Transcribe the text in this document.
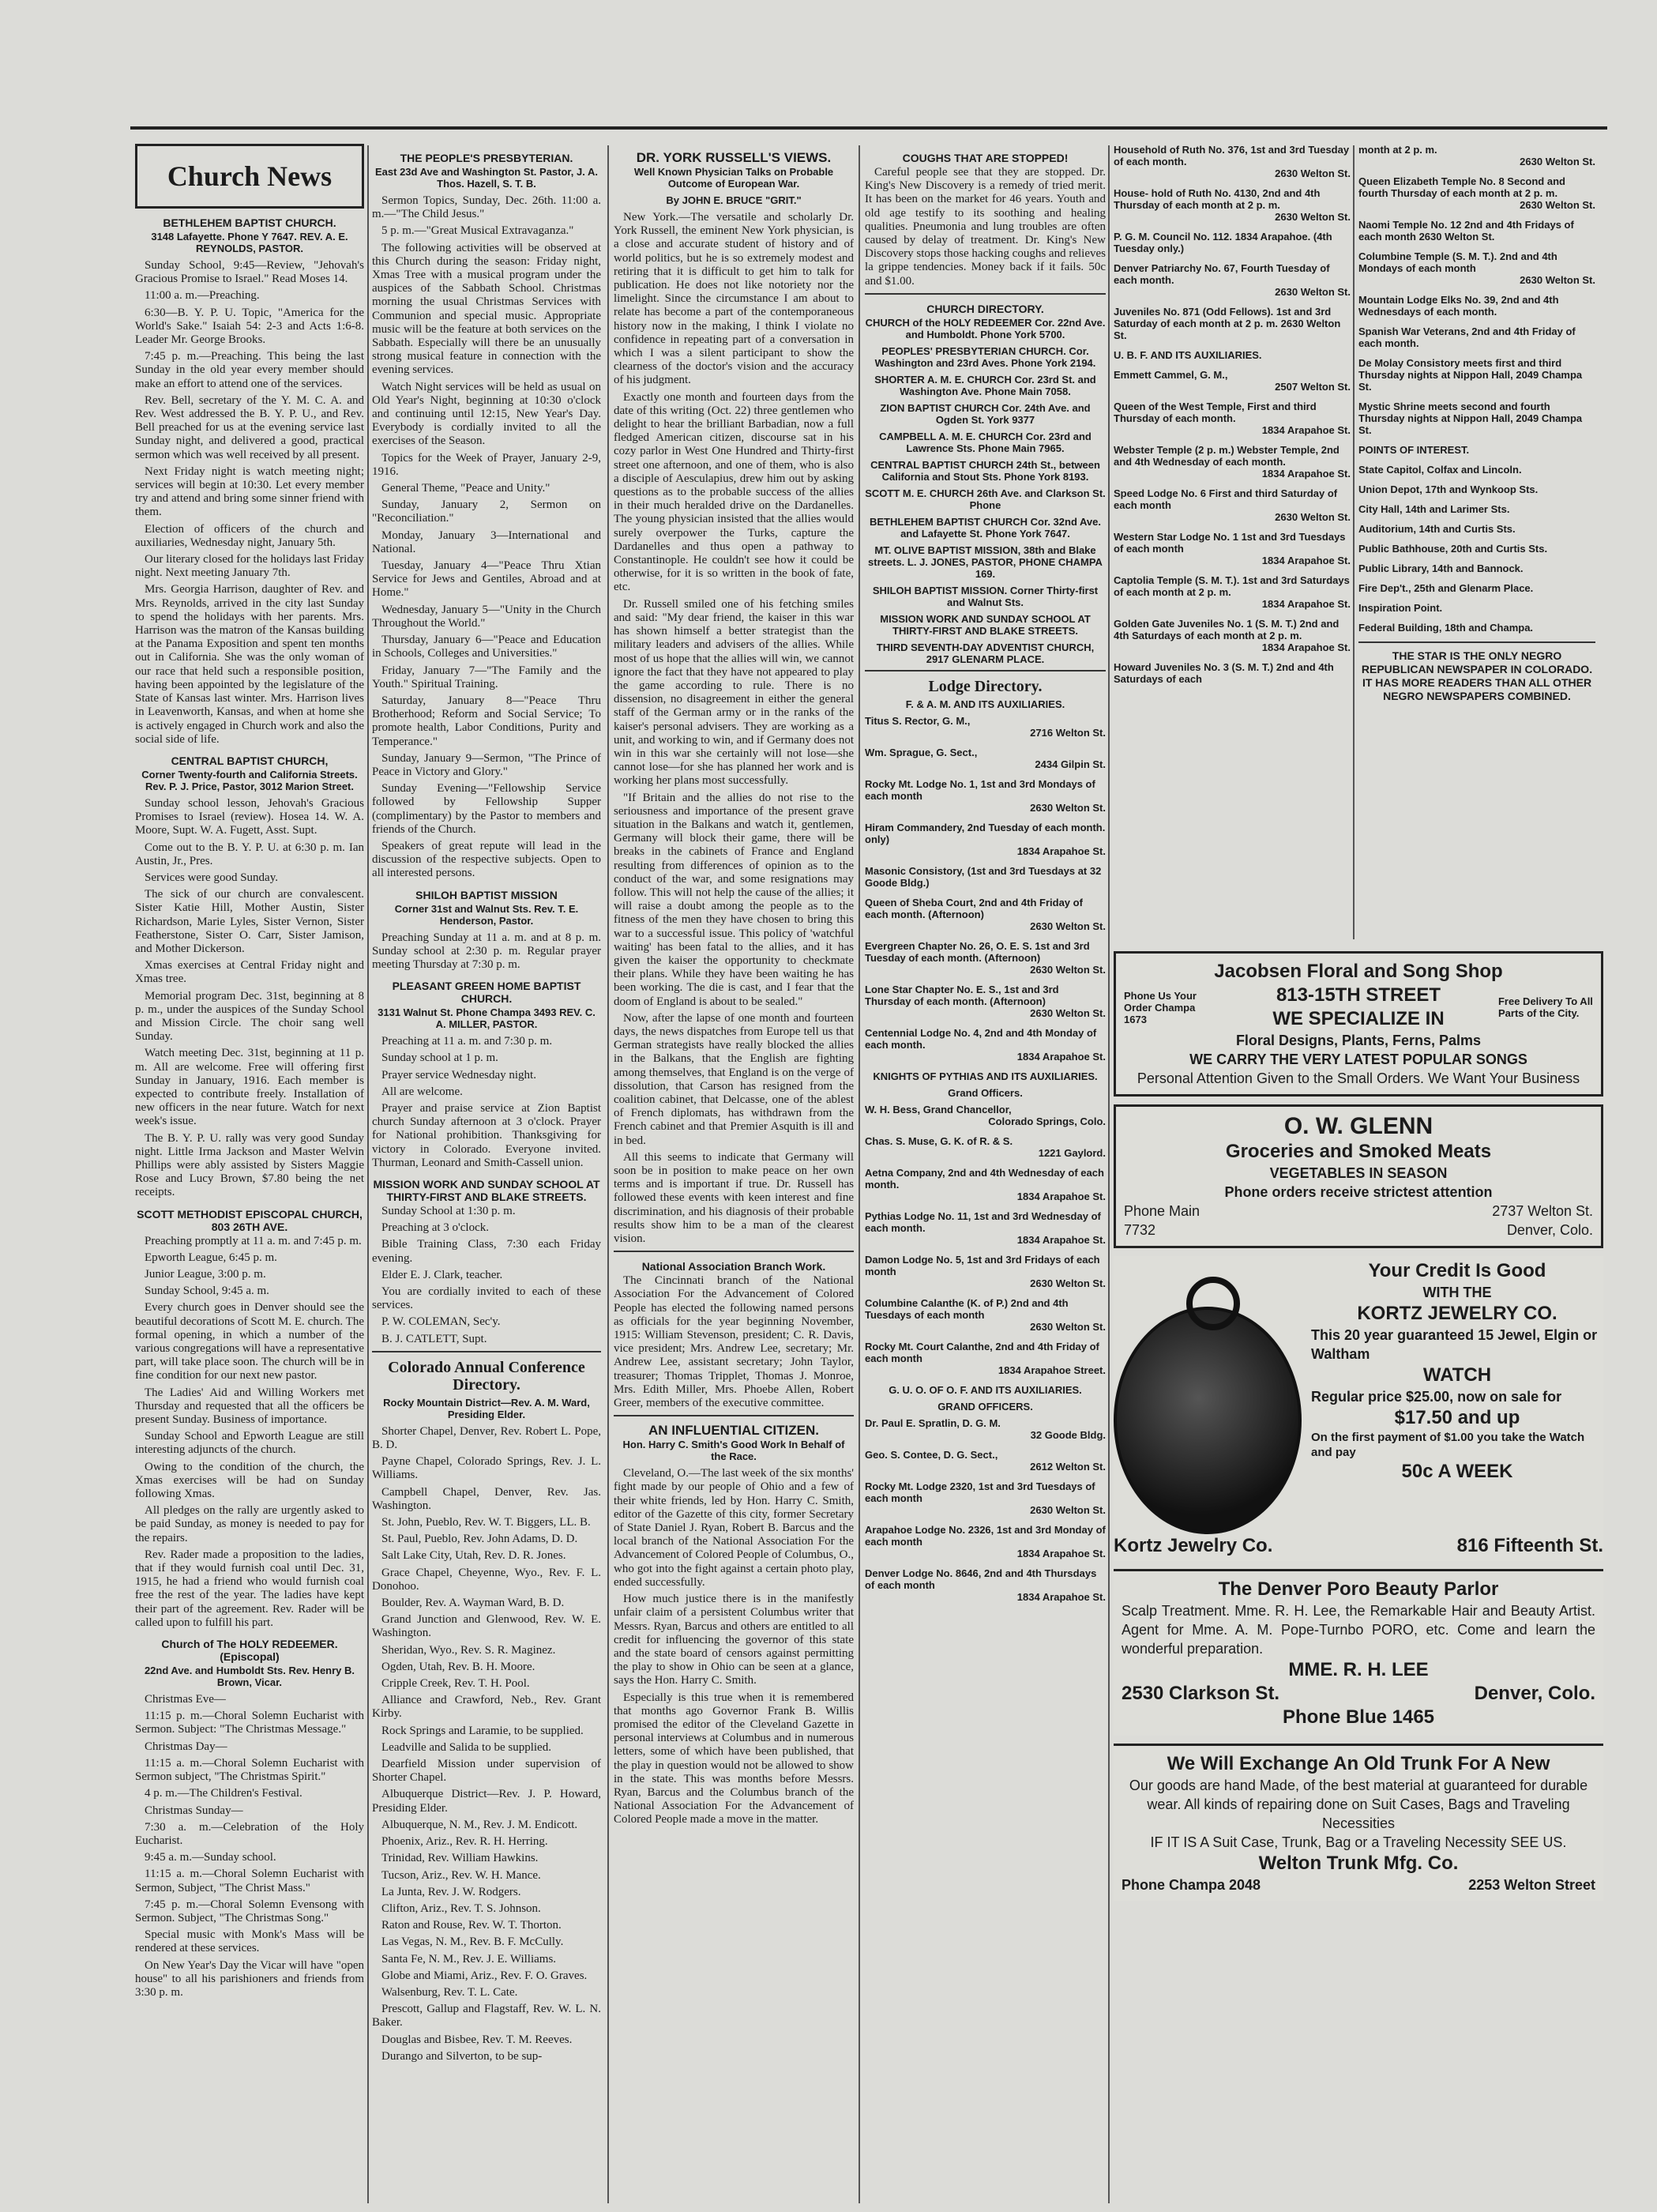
Church News
BETHLEHEM BAPTIST CHURCH.
3148 Lafayette. Phone Y 7647. REV. A. E. REYNOLDS, PASTOR.

Sunday School, 9:45—Review, "Jehovah's Gracious Promise to Israel." Read Moses 14.

11:00 a. m.—Preaching.

6:30—B. Y. P. U. Topic, "America for the World's Sake." Isaiah 54: 2-3 and Acts 1:6-8. Leader Mr. George Brooks.

7:45 p. m.—Preaching. This being the last Sunday in the old year every member should make an effort to attend one of the services.

Rev. Bell, secretary of the Y. M. C. A. and Rev. West addressed the B. Y. P. U., and Rev. Bell preached for us at the evening service last Sunday night, and delivered a good, practical sermon which was well received by all present.

Next Friday night is watch meeting night; services will begin at 10:30. Let every member try and attend and bring some sinner friend with them.

Election of officers of the church and auxiliaries, Wednesday night, January 5th.

Our literary closed for the holidays last Friday night. Next meeting January 7th.

Mrs. Georgia Harrison, daughter of Rev. and Mrs. Reynolds, arrived in the city last Sunday to spend the holidays with her parents. Mrs. Harrison was the matron of the Kansas building at the Panama Exposition and spent ten months out in California. She was the only woman of our race that held such a responsible position, having been appointed by the legislature of the State of Kansas last winter. Mrs. Harrison lives in Leavenworth, Kansas, and when at home she is actively engaged in Church work and also the social side of life.

CENTRAL BAPTIST CHURCH,
Corner Twenty-fourth and California Streets. Rev. P. J. Price, Pastor, 3012 Marion Street.

Sunday school lesson, Jehovah's Gracious Promises to Israel (review). Hosea 14. W. A. Moore, Supt. W. A. Fugett, Asst. Supt.

Come out to the B. Y. P. U. at 6:30 p. m. Ian Austin, Jr., Pres.

Services were good Sunday.

The sick of our church are convalescent. Sister Katie Hill, Mother Austin, Sister Richardson, Marie Lyles, Sister Vernon, Sister Featherstone, Sister O. Carr, Sister Jamison, and Mother Dickerson.

Xmas exercises at Central Friday night and Xmas tree.

Memorial program Dec. 31st, beginning at 8 p. m., under the auspices of the Sunday School and Mission Circle. The choir sang well Sunday.

Watch meeting Dec. 31st, beginning at 11 p. m. All are welcome. Free will offering first Sunday in January, 1916. Each member is expected to contribute freely. Installation of new officers in the near future. Watch for next week's issue.

The B. Y. P. U. rally was very good Sunday night. Little Irma Jackson and Master Welvin Phillips were ably assisted by Sisters Maggie Rose and Lucy Brown, $7.80 being the net receipts.

SCOTT METHODIST EPISCOPAL CHURCH, 803 26TH AVE.

Preaching promptly at 11 a. m. and 7:45 p. m.

Epworth League, 6:45 p. m.

Junior League, 3:00 p. m.

Sunday School, 9:45 a. m.

Every church goes in Denver should see the beautiful decorations of Scott M. E. church. The formal opening, in which a number of the various congregations will have a representative part, will take place soon. The church will be in fine condition for our next new pastor.

The Ladies' Aid and Willing Workers met Thursday and requested that all the officers be present Sunday. Business of importance.

Sunday School and Epworth League are still interesting adjuncts of the church.

Owing to the condition of the church, the Xmas exercises will be had on Sunday following Xmas.

All pledges on the rally are urgently asked to be paid Sunday, as money is needed to pay for the repairs.

Rev. Rader made a proposition to the ladies, that if they would furnish coal until Dec. 31, 1915, he had a friend who would furnish coal free the rest of the year. The ladies have kept their part of the agreement. Rev. Rader will be called upon to fulfill his part.

Church of The HOLY REDEEMER. (Episcopal)
22nd Ave. and Humboldt Sts. Rev. Henry B. Brown, Vicar.

Christmas Eve—

11:15 p. m.—Choral Solemn Eucharist with Sermon. Subject: "The Christmas Message."

Christmas Day—

11:15 a. m.—Choral Solemn Eucharist with Sermon subject, "The Christmas Spirit."

4 p. m.—The Children's Festival.

Christmas Sunday—

7:30 a. m.—Celebration of the Holy Eucharist.

9:45 a. m.—Sunday school.

11:15 a. m.—Choral Solemn Eucharist with Sermon, Subject, "The Christ Mass."

7:45 p. m.—Choral Solemn Evensong with Sermon. Subject, "The Christmas Song."

Special music with Monk's Mass will be rendered at these services.

On New Year's Day the Vicar will have "open house" to all his parishioners and friends from 3:30 p. m.

THE PEOPLE'S PRESBYTERIAN.
East 23d Ave and Washington St. Pastor, J. A. Thos. Hazell, S. T. B.

Sermon Topics, Sunday, Dec. 26th. 11:00 a. m.—"The Child Jesus."

5 p. m.—"Great Musical Extravaganza."

The following activities will be observed at this Church during the season: Friday night, Xmas Tree with a musical program under the auspices of the Sabbath School. Christmas morning the usual Christmas Services with Communion and special music. Appropriate music will be the feature at both services on the Sabbath. Especially will there be an unusually strong musical feature in connection with the evening services.

Watch Night services will be held as usual on Old Year's Night, beginning at 10:30 o'clock and continuing until 12:15, New Year's Day. Everybody is cordially invited to all the exercises of the Season.

Topics for the Week of Prayer, January 2-9, 1916.

General Theme, "Peace and Unity."

Sunday, January 2, Sermon on "Reconciliation."

Monday, January 3—International and National.

Tuesday, January 4—"Peace Thru Xtian Service for Jews and Gentiles, Abroad and at Home."

Wednesday, January 5—"Unity in the Church Throughout the World."

Thursday, January 6—"Peace and Education in Schools, Colleges and Universities."

Friday, January 7—"The Family and the Youth." Spiritual Training.

Saturday, January 8—"Peace Thru Brotherhood; Reform and Social Service; To promote health, Labor Conditions, Purity and Temperance."

Sunday, January 9—Sermon, "The Prince of Peace in Victory and Glory."

Sunday Evening—"Fellowship Service followed by Fellowship Supper (complimentary) by the Pastor to members and friends of the Church.

Speakers of great repute will lead in the discussion of the respective subjects. Open to all interested persons.

SHILOH BAPTIST MISSION
Corner 31st and Walnut Sts. Rev. T. E. Henderson, Pastor.

Preaching Sunday at 11 a. m. and at 8 p. m. Sunday school at 2:30 p. m. Regular prayer meeting Thursday at 7:30 p. m.

PLEASANT GREEN HOME BAPTIST CHURCH.
3131 Walnut St. Phone Champa 3493 REV. C. A. MILLER, PASTOR.

Preaching at 11 a. m. and 7:30 p. m.

Sunday school at 1 p. m.

Prayer service Wednesday night.

All are welcome.

Prayer and praise service at Zion Baptist church Sunday afternoon at 3 o'clock. Prayer for National prohibition. Thanksgiving for victory in Colorado. Everyone invited. Thurman, Leonard and Smith-Cassell union.

MISSION WORK AND SUNDAY SCHOOL AT THIRTY-FIRST AND BLAKE STREETS.

Sunday School at 1:30 p. m.

Preaching at 3 o'clock.

Bible Training Class, 7:30 each Friday evening.

Elder E. J. Clark, teacher.

You are cordially invited to each of these services.

P. W. COLEMAN, Sec'y.

B. J. CATLETT, Supt.

Colorado Annual Conference Directory.
Rocky Mountain District—Rev. A. M. Ward, Presiding Elder.

Shorter Chapel, Denver, Rev. Robert L. Pope, B. D.

Payne Chapel, Colorado Springs, Rev. J. L. Williams.

Campbell Chapel, Denver, Rev. Jas. Washington.

St. John, Pueblo, Rev. W. T. Biggers, LL. B.

St. Paul, Pueblo, Rev. John Adams, D. D.

Salt Lake City, Utah, Rev. D. R. Jones.

Grace Chapel, Cheyenne, Wyo., Rev. F. L. Donohoo.

Boulder, Rev. A. Wayman Ward, B. D.

Grand Junction and Glenwood, Rev. W. E. Washington.

Sheridan, Wyo., Rev. S. R. Maginez.

Ogden, Utah, Rev. B. H. Moore.

Cripple Creek, Rev. T. H. Pool.

Alliance and Crawford, Neb., Rev. Grant Kirby.

Rock Springs and Laramie, to be supplied.

Leadville and Salida to be supplied.

Dearfield Mission under supervision of Shorter Chapel.

Albuquerque District—Rev. J. P. Howard, Presiding Elder.

Albuquerque, N. M., Rev. J. M. Endicott.

Phoenix, Ariz., Rev. R. H. Herring.

Trinidad, Rev. William Hawkins.

Tucson, Ariz., Rev. W. H. Mance.

La Junta, Rev. J. W. Rodgers.

Clifton, Ariz., Rev. T. S. Johnson.

Raton and Rouse, Rev. W. T. Thorton.

Las Vegas, N. M., Rev. B. F. McCully.

Santa Fe, N. M., Rev. J. E. Williams.

Globe and Miami, Ariz., Rev. F. O. Graves.

Walsenburg, Rev. T. L. Cate.

Prescott, Gallup and Flagstaff, Rev. W. L. N. Baker.

Douglas and Bisbee, Rev. T. M. Reeves.

Durango and Silverton, to be sup-

DR. YORK RUSSELL'S VIEWS.
Well Known Physician Talks on Probable Outcome of European War.
By JOHN E. BRUCE "GRIT."

New York.—The versatile and scholarly Dr. York Russell, the eminent New York physician, is a close and accurate student of history and of world politics, but he is so extremely modest and retiring that it is difficult to get him to talk for publication. He does not like notoriety nor the limelight. Since the circumstance I am about to relate has become a part of the contemporaneous history now in the making, I think I violate no confidence in repeating part of a conversation in which I was a silent participant to show the clearness of the doctor's vision and the accuracy of his judgment.

Exactly one month and fourteen days from the date of this writing (Oct. 22) three gentlemen who delight to hear the brilliant Barbadian, now a full fledged American citizen, discourse sat in his cozy parlor in West One Hundred and Thirty-first street one afternoon, and one of them, who is also a disciple of Aesculapius, drew him out by asking questions as to the probable success of the allies in their much heralded drive on the Dardanelles. The young physician insisted that the allies would surely overpower the Turks, capture the Dardanelles and thus open a pathway to Constantinople. He couldn't see how it could be otherwise, for it is so written in the book of fate, etc.

Dr. Russell smiled one of his fetching smiles and said: "My dear friend, the kaiser in this war has shown himself a better strategist than the military leaders and advisers of the allies. While most of us hope that the allies will win, we cannot ignore the fact that they have not appeared to play the game according to rule. There is no dissension, no disagreement in either the general staff of the German army or in the ranks of the kaiser's personal advisers. They are working as a unit, and working to win, and if Germany does not win in this war she certainly will not lose—she cannot lose—for she has planned her work and is working her plans most successfully.

"If Britain and the allies do not rise to the seriousness and importance of the present grave situation in the Balkans and watch it, gentlemen, Germany will block their game, there will be breaks in the cabinets of France and England resulting from differences of opinion as to the conduct of the war, and some resignations may follow. This will not help the cause of the allies; it will raise a doubt among the people as to the fitness of the men they have chosen to bring this war to a successful issue. This policy of 'watchful waiting' has been fatal to the allies, and it has given the kaiser the opportunity to checkmate their plans. While they have been waiting he has been working. The die is cast, and I fear that the doom of England is about to be sealed."

Now, after the lapse of one month and fourteen days, the news dispatches from Europe tell us that German strategists have really blocked the allies in the Balkans, that the English are fighting among themselves, that England is on the verge of dissolution, that Carson has resigned from the coalition cabinet, that Delcasse, one of the ablest of French diplomats, has withdrawn from the French cabinet and that Premier Asquith is ill and in bed.

All this seems to indicate that Germany will soon be in position to make peace on her own terms and is important if true. Dr. Russell has followed these events with keen interest and fine discrimination, and his diagnosis of their probable results show him to be a man of the clearest vision.

National Association Branch Work.

The Cincinnati branch of the National Association For the Advancement of Colored People has elected the following named persons as officials for the year beginning November, 1915: William Stevenson, president; C. R. Davis, vice president; Mrs. Andrew Lee, secretary; Mr. Andrew Lee, assistant secretary; John Taylor, treasurer; Thomas Tripplet, Thomas J. Monroe, Mrs. Edith Miller, Mrs. Phoebe Allen, Robert Greer, members of the executive committee.

AN INFLUENTIAL CITIZEN.
Hon. Harry C. Smith's Good Work In Behalf of the Race.

Cleveland, O.—The last week of the six months' fight made by our people of Ohio and a few of their white friends, led by Hon. Harry C. Smith, editor of the Gazette of this city, former Secretary of State Daniel J. Ryan, Robert B. Barcus and the local branch of the National Association For the Advancement of Colored People of Columbus, O., who got into the fight against a certain photo play, ended successfully.

How much justice there is in the manifestly unfair claim of a persistent Columbus writer that Messrs. Ryan, Barcus and others are entitled to all credit for influencing the governor of this state and the state board of censors against permitting the play to show in Ohio can be seen at a glance, says the Hon. Harry C. Smith.

Especially is this true when it is remembered that months ago Governor Frank B. Willis promised the editor of the Cleveland Gazette in personal interviews at Columbus and in numerous letters, some of which have been published, that the play in question would not be allowed to show in the state. This was months before Messrs. Ryan, Barcus and the Columbus branch of the National Association For the Advancement of Colored People made a move in the matter.

COUGHS THAT ARE STOPPED!

Careful people see that they are stopped. Dr. King's New Discovery is a remedy of tried merit. It has been on the market for 46 years. Youth and old age testify to its soothing and healing qualities. Pneumonia and lung troubles are often caused by delay of treatment. Dr. King's New Discovery stops those hacking coughs and relieves la grippe tendencies. Money back if it fails. 50c and $1.00.

CHURCH DIRECTORY.
CHURCH of the HOLY REDEEMER Cor. 22nd Ave. and Humboldt. Phone York 5700.
PEOPLES' PRESBYTERIAN CHURCH. Cor. Washington and 23rd Aves. Phone York 2194.
SHORTER A. M. E. CHURCH Cor. 23rd St. and Washington Ave. Phone Main 7058.
ZION BAPTIST CHURCH Cor. 24th Ave. and Ogden St. York 9377
CAMPBELL A. M. E. CHURCH Cor. 23rd and Lawrence Sts. Phone Main 7965.
CENTRAL BAPTIST CHURCH 24th St., between California and Stout Sts. Phone York 8193.
SCOTT M. E. CHURCH 26th Ave. and Clarkson St. Phone
BETHLEHEM BAPTIST CHURCH Cor. 32nd Ave. and Lafayette St. Phone York 7647.
MT. OLIVE BAPTIST MISSION, 38th and Blake streets. L. J. JONES, PASTOR, PHONE CHAMPA 169.
SHILOH BAPTIST MISSION. Corner Thirty-first and Walnut Sts.
MISSION WORK AND SUNDAY SCHOOL AT THIRTY-FIRST AND BLAKE STREETS.
THIRD SEVENTH-DAY ADVENTIST CHURCH, 2917 GLENARM PLACE.
Lodge Directory.
F. & A. M. AND ITS AUXILIARIES.
Titus S. Rector, G. M.,
2716 Welton St.
Wm. Sprague, G. Sect.,
2434 Gilpin St.
Rocky Mt. Lodge No. 1, 1st and 3rd Mondays of each month
2630 Welton St.
Hiram Commandery, 2nd Tuesday of each month. only)
1834 Arapahoe St.
Masonic Consistory, (1st and 3rd Tuesdays at 32 Goode Bldg.)
Queen of Sheba Court, 2nd and 4th Friday of each month. (Afternoon)
2630 Welton St.
Evergreen Chapter No. 26, O. E. S. 1st and 3rd Tuesday of each month. (Afternoon)
2630 Welton St.
Lone Star Chapter No. E. S., 1st and 3rd Thursday of each month. (Afternoon)
2630 Welton St.
Centennial Lodge No. 4, 2nd and 4th Monday of each month.
1834 Arapahoe St.
KNIGHTS OF PYTHIAS AND ITS AUXILIARIES.
Grand Officers.
W. H. Bess, Grand Chancellor,
Colorado Springs, Colo.
Chas. S. Muse, G. K. of R. & S.
1221 Gaylord.
Aetna Company, 2nd and 4th Wednesday of each month.
1834 Arapahoe St.
Pythias Lodge No. 11, 1st and 3rd Wednesday of each month.
1834 Arapahoe St.
Damon Lodge No. 5, 1st and 3rd Fridays of each month
2630 Welton St.
Columbine Calanthe (K. of P.) 2nd and 4th Tuesdays of each month
2630 Welton St.
Rocky Mt. Court Calanthe, 2nd and 4th Friday of each month
1834 Arapahoe Street.
G. U. O. OF O. F. AND ITS AUXILIARIES.
GRAND OFFICERS.
Dr. Paul E. Spratlin, D. G. M.
32 Goode Bldg.
Geo. S. Contee, D. G. Sect.,
2612 Welton St.
Rocky Mt. Lodge 2320, 1st and 3rd Tuesdays of each month
2630 Welton St.
Arapahoe Lodge No. 2326, 1st and 3rd Monday of each month
1834 Arapahoe St.
Denver Lodge No. 8646, 2nd and 4th Thursdays of each month
1834 Arapahoe St.
Household of Ruth No. 376, 1st and 3rd Tuesday of each month.
2630 Welton St.
House- hold of Ruth No. 4130, 2nd and 4th Thursday of each month at 2 p. m.
2630 Welton St.
P. G. M. Council No. 112. 1834 Arapahoe. (4th Tuesday only.)
Denver Patriarchy No. 67, Fourth Tuesday of each month.
2630 Welton St.
Juveniles No. 871 (Odd Fellows). 1st and 3rd Saturday of each month at 2 p. m. 2630 Welton St.
U. B. F. AND ITS AUXILIARIES.
Emmett Cammel, G. M.,
2507 Welton St.
Queen of the West Temple, First and third Thursday of each month.
1834 Arapahoe St.
Webster Temple (2 p. m.) Webster Temple, 2nd and 4th Wednesday of each month.
1834 Arapahoe St.
Speed Lodge No. 6 First and third Saturday of each month
2630 Welton St.
Western Star Lodge No. 1 1st and 3rd Tuesdays of each month
1834 Arapahoe St.
Captolia Temple (S. M. T.). 1st and 3rd Saturdays of each month at 2 p. m.
1834 Arapahoe St.
Golden Gate Juveniles No. 1 (S. M. T.) 2nd and 4th Saturdays of each month at 2 p. m.
1834 Arapahoe St.
Howard Juveniles No. 3 (S. M. T.) 2nd and 4th Saturdays of each
month at 2 p. m.
2630 Welton St.
Queen Elizabeth Temple No. 8 Second and fourth Thursday of each month at 2 p. m.
2630 Welton St.
Naomi Temple No. 12 2nd and 4th Fridays of each month 2630 Welton St.
Columbine Temple (S. M. T.). 2nd and 4th Mondays of each month
2630 Welton St.
Mountain Lodge Elks No. 39, 2nd and 4th Wednesdays of each month.
Spanish War Veterans, 2nd and 4th Friday of each month.
De Molay Consistory meets first and third Thursday nights at Nippon Hall, 2049 Champa St.
Mystic Shrine meets second and fourth Thursday nights at Nippon Hall, 2049 Champa St.
POINTS OF INTEREST.
State Capitol, Colfax and Lincoln.
Union Depot, 17th and Wynkoop Sts.
City Hall, 14th and Larimer Sts.
Auditorium, 14th and Curtis Sts.
Public Bathhouse, 20th and Curtis Sts.
Public Library, 14th and Bannock.
Fire Dep't., 25th and Glenarm Place.
Inspiration Point.
Federal Building, 18th and Champa.
THE STAR IS THE ONLY NEGRO REPUBLICAN NEWSPAPER IN COLORADO. IT HAS MORE READERS THAN ALL OTHER NEGRO NEWSPAPERS COMBINED.
Jacobsen Floral and Song Shop
Phone Us Your Order Champa 1673
813-15TH STREET
WE SPECIALIZE IN
Free Delivery To All Parts of the City.
Floral Designs, Plants, Ferns, Palms
WE CARRY THE VERY LATEST POPULAR SONGS
Personal Attention Given to the Small Orders. We Want Your Business
O. W. GLENN
Groceries and Smoked Meats
VEGETABLES IN SEASON
Phone orders receive strictest attention
Phone Main
7732
2737 Welton St.
Denver, Colo.
Your Credit Is Good
WITH THE
KORTZ JEWELRY CO.
This 20 year guaranteed 15 Jewel, Elgin or Waltham
WATCH
Regular price $25.00, now on sale for
$17.50 and up
On the first payment of $1.00 you take the Watch and pay
50c A WEEK
Kortz Jewelry Co.	816 Fifteenth St.
The Denver Poro Beauty Parlor
Scalp Treatment. Mme. R. H. Lee, the Remarkable Hair and Beauty Artist. Agent for Mme. A. M. Pope-Turnbo PORO, etc. Come and learn the wonderful preparation.
MME. R. H. LEE
2530 Clarkson St.	Denver, Colo.
Phone Blue 1465
We Will Exchange An Old Trunk For A New
Our goods are hand Made, of the best material at guaranteed for durable wear. All kinds of repairing done on Suit Cases, Bags and Traveling Necessities
IF IT IS A Suit Case, Trunk, Bag or a Traveling Necessity SEE US.
Welton Trunk Mfg. Co.
Phone Champa 2048	2253 Welton Street
